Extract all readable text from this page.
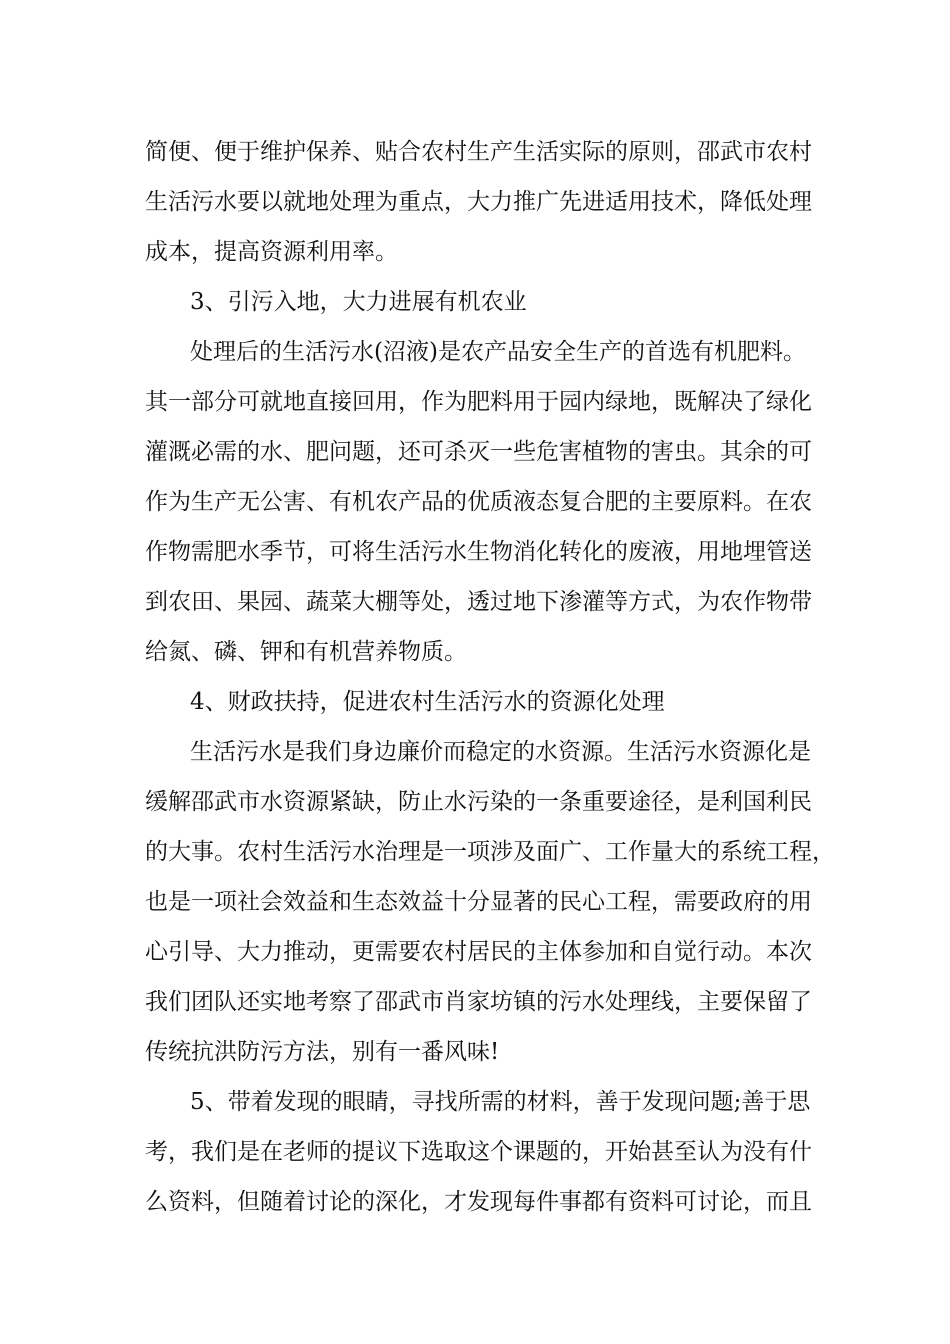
简便、便于维护保养、贴合农村生产生活实际的原则，邵武市农村
生活污水要以就地处理为重点，大力推广先进适用技术，降低处理
成本，提高资源利用率。
3、引污入地，大力进展有机农业
处理后的生活污水(沼液)是农产品安全生产的首选有机肥料。
其一部分可就地直接回用，作为肥料用于园内绿地，既解决了绿化
灌溉必需的水、肥问题，还可杀灭一些危害植物的害虫。其余的可
作为生产无公害、有机农产品的优质液态复合肥的主要原料。在农
作物需肥水季节，可将生活污水生物消化转化的废液，用地埋管送
到农田、果园、蔬菜大棚等处，透过地下渗灌等方式，为农作物带
给氮、磷、钾和有机营养物质。
4、财政扶持，促进农村生活污水的资源化处理
生活污水是我们身边廉价而稳定的水资源。生活污水资源化是
缓解邵武市水资源紧缺，防止水污染的一条重要途径，是利国利民
的大事。农村生活污水治理是一项涉及面广、工作量大的系统工程，
也是一项社会效益和生态效益十分显著的民心工程，需要政府的用
心引导、大力推动，更需要农村居民的主体参加和自觉行动。本次
我们团队还实地考察了邵武市肖家坊镇的污水处理线，主要保留了
传统抗洪防污方法，别有一番风味!
5、带着发现的眼睛，寻找所需的材料，善于发现问题;善于思
考，我们是在老师的提议下选取这个课题的，开始甚至认为没有什
么资料，但随着讨论的深化，才发现每件事都有资料可讨论，而且
